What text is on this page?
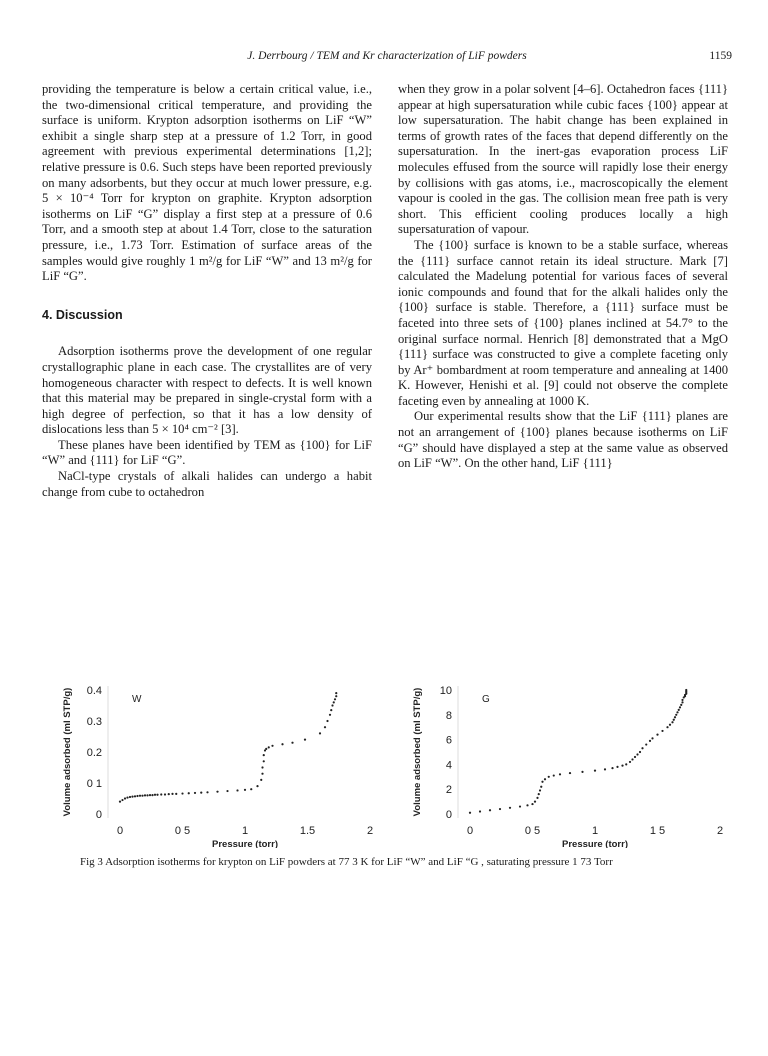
J. Derrbourg / TEM and Kr characterization of LiF powders	1159

providing the temperature is below a certain critical value, i.e., the two-dimensional critical temperature, and providing the surface is uniform. Krypton adsorption isotherms on LiF “W” exhibit a single sharp step at a pressure of 1.2 Torr, in good agreement with previous experimental determinations [1,2]; relative pressure is 0.6. Such steps have been reported previously on many adsorbents, but they occur at much lower pressure, e.g. 5 × 10⁻⁴ Torr for krypton on graphite. Krypton adsorption isotherms on LiF “G” display a first step at a pressure of 0.6 Torr, and a smooth step at about 1.4 Torr, close to the saturation pressure, i.e., 1.73 Torr. Estimation of surface areas of the samples would give roughly 1 m²/g for LiF “W” and 13 m²/g for LiF “G”.

4. Discussion

Adsorption isotherms prove the development of one regular crystallographic plane in each case. The crystallites are of very homogeneous character with respect to defects. It is well known that this material may be prepared in single-crystal form with a high degree of perfection, so that it has a low density of dislocations less than 5 × 10⁴ cm⁻² [3].

These planes have been identified by TEM as {100} for LiF “W” and {111} for LiF “G”.

NaCl-type crystals of alkali halides can undergo a habit change from cube to octahedron

when they grow in a polar solvent [4–6]. Octahedron faces {111} appear at high supersaturation while cubic faces {100} appear at low supersaturation. The habit change has been explained in terms of growth rates of the faces that depend differently on the supersaturation. In the inert-gas evaporation process LiF molecules effused from the source will rapidly lose their energy by collisions with gas atoms, i.e., macroscopically the element vapour is cooled in the gas. The collision mean free path is very short. This efficient cooling produces locally a high supersaturation of vapour.

The {100} surface is known to be a stable surface, whereas the {111} surface cannot retain its ideal structure. Mark [7] calculated the Madelung potential for various faces of several ionic compounds and found that for the alkali halides only the {100} surface is stable. Therefore, a {111} surface must be faceted into three sets of {100} planes inclined at 54.7° to the original surface normal. Henrich [8] demonstrated that a MgO {111} surface was constructed to give a complete faceting only by Ar⁺ bombardment at room temperature and annealing at 1400 K. However, Henishi et al. [9] could not observe the complete faceting even by annealing at 1000 K.

Our experimental results show that the LiF {111} planes are not an arrangement of {100} planes because isotherms on LiF “G” should have displayed a step at the same value as observed on LiF “W”. On the other hand, LiF {111}

0
0 1
0.2
0.3
0.4
0	0 5	1	1.5	2
Pressure (torr)
Volume adsorbed (ml STP/g)	W
0
2
4
6
8
10
0	0 5	1	1 5	2
Pressure (torr)
Volume adsorbed (ml STP/g)	G
Fig 3 Adsorption isotherms for krypton on LiF powders at 77 3 K for LiF “W” and LiF “G , saturating pressure 1 73 Torr
